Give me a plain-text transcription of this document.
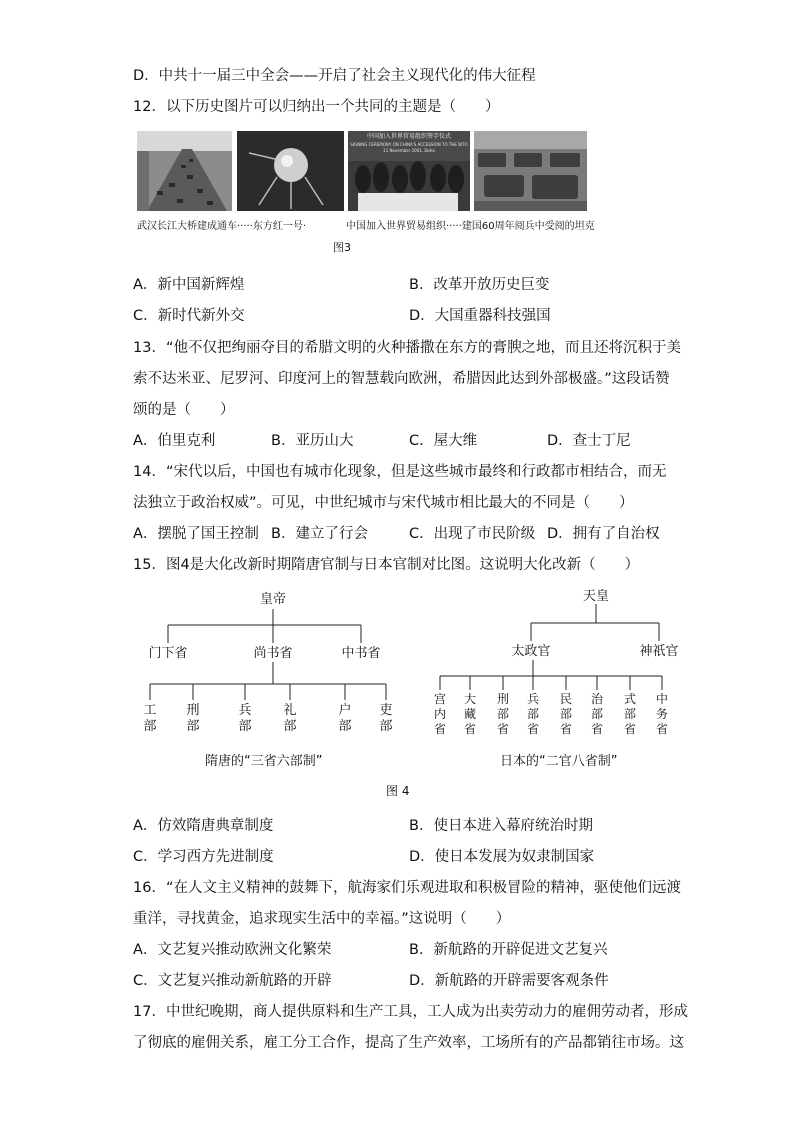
D．中共十一届三中全会——开启了社会主义现代化的伟大征程
12．以下历史图片可以归纳出一个共同的主题是（　　）
中国加入世界贸易组织签字仪式
SIGNING CEREMONY ON CHINA'S ACCESSION TO THE WTO
11 November 2001, Doha
武汉长江大桥建成通车·····东方红一号·	中国加入世界贸易组织·····建国60周年阅兵中受阅的坦克
图3
A．新中国新辉煌	B．改革开放历史巨变
C．新时代新外交	D．大国重器科技强国
13．“他不仅把绚丽夺目的希腊文明的火种播撒在东方的膏腴之地，而且还将沉积于美
索不达米亚、尼罗河、印度河上的智慧载向欧洲，希腊因此达到外部极盛。”这段话赞
颂的是（　　）
A．伯里克利	B．亚历山大	C．屋大维	D．查士丁尼
14．“宋代以后，中国也有城市化现象，但是这些城市最终和行政都市相结合，而无
法独立于政治权威”。可见，中世纪城市与宋代城市相比最大的不同是（　　）
A．摆脱了国王控制 B．建立了行会	C．出现了市民阶级 D．拥有了自治权
15．图4是大化改新时期隋唐官制与日本官制对比图。这说明大化改新（　　）
皇帝
门下省	尚书省	中书省
天皇
太政官	神祇官
工部
刑部
兵部
礼部
户部
吏部
宫内省
大藏省
刑部省
兵部省
民部省
治部省
式部省
中务省
隋唐的“三省六部制”	日本的“二官八省制”
图 4
A．仿效隋唐典章制度	B．使日本进入幕府统治时期
C．学习西方先进制度	D．使日本发展为奴隶制国家
16．“在人文主义精神的鼓舞下，航海家们乐观进取和积极冒险的精神，驱使他们远渡
重洋，寻找黄金，追求现实生活中的幸福。”这说明（　　）
A．文艺复兴推动欧洲文化繁荣	B．新航路的开辟促进文艺复兴
C．文艺复兴推动新航路的开辟	D．新航路的开辟需要客观条件
17．中世纪晚期，商人提供原料和生产工具，工人成为出卖劳动力的雇佣劳动者，形成
了彻底的雇佣关系，雇工分工合作，提高了生产效率，工场所有的产品都销往市场。这
